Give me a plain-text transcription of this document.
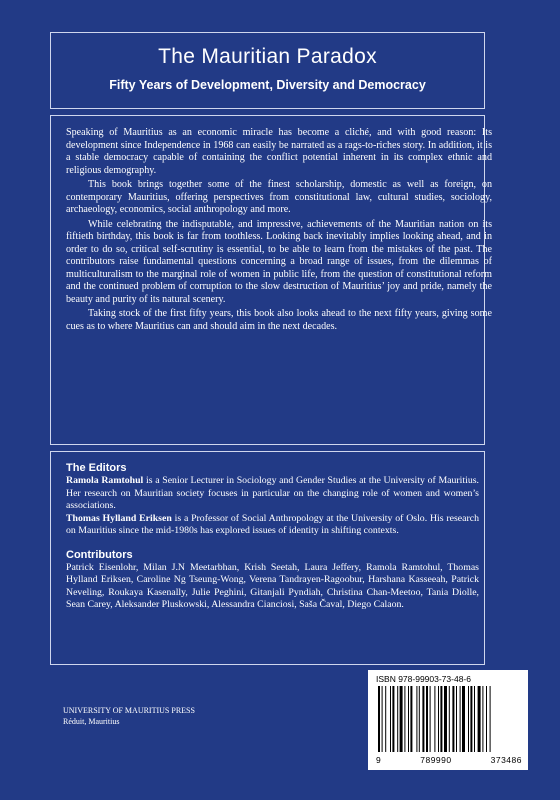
The Mauritian Paradox
Fifty Years of Development, Diversity and Democracy

Speaking of Mauritius as an economic miracle has become a cliché, and with good reason: Its development since Independence in 1968 can easily be narrated as a rags-to-riches story. In addition, it is a stable democracy capable of containing the conflict potential inherent in its complex ethnic and religious demography.

This book brings together some of the finest scholarship, domestic as well as foreign, on contemporary Mauritius, offering perspectives from constitutional law, cultural studies, sociology, archaeology, economics, social anthropology and more.

While celebrating the indisputable, and impressive, achievements of the Mauritian nation on its fiftieth birthday, this book is far from toothless. Looking back inevitably implies looking ahead, and in order to do so, critical self-scrutiny is essential, to be able to learn from the mistakes of the past. The contributors raise fundamental questions concerning a broad range of issues, from the dilemmas of multiculturalism to the marginal role of women in public life, from the question of constitutional reform and the continued problem of corruption to the slow destruction of Mauritius’ joy and pride, namely the beauty and purity of its natural scenery.

Taking stock of the first fifty years, this book also looks ahead to the next fifty years, giving some cues as to where Mauritius can and should aim in the next decades.

The Editors

Ramola Ramtohul is a Senior Lecturer in Sociology and Gender Studies at the University of Mauritius. Her research on Mauritian society focuses in particular on the changing role of women and women’s associations.

Thomas Hylland Eriksen is a Professor of Social Anthropology at the University of Oslo. His research on Mauritius since the mid-1980s has explored issues of identity in shifting contexts.

Contributors

Patrick Eisenlohr, Milan J.N Meetarbhan, Krish Seetah, Laura Jeffery, Ramola Ramtohul, Thomas Hylland Eriksen, Caroline Ng Tseung-Wong, Verena Tandrayen-Ragoobur, Harshana Kasseeah, Patrick Neveling, Roukaya Kasenally, Julie Peghini, Gitanjali Pyndiah, Christina Chan-Meetoo, Tania Diolle, Sean Carey, Aleksander Pluskowski, Alessandra Cianciosi, Saša Čaval, Diego Calaon.

UNIVERSITY OF MAURITIUS PRESS
Réduit, Mauritius
ISBN 978-99903-73-48-6
9	789990	373486
